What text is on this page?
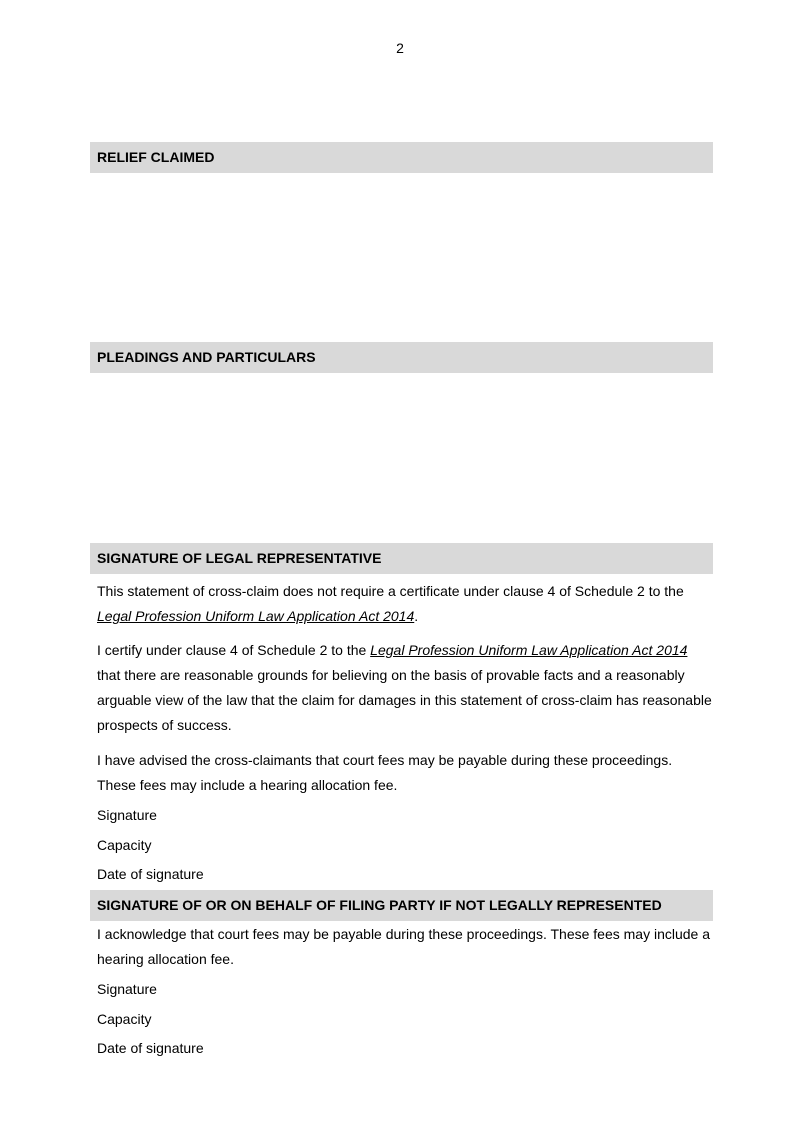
2
RELIEF CLAIMED
PLEADINGS AND PARTICULARS
SIGNATURE OF LEGAL REPRESENTATIVE
This statement of cross-claim does not require a certificate under clause 4 of Schedule 2 to the Legal Profession Uniform Law Application Act 2014.
I certify under clause 4 of Schedule 2 to the Legal Profession Uniform Law Application Act 2014 that there are reasonable grounds for believing on the basis of provable facts and a reasonably arguable view of the law that the claim for damages in this statement of cross-claim has reasonable prospects of success.
I have advised the cross-claimants that court fees may be payable during these proceedings. These fees may include a hearing allocation fee.
Signature
Capacity
Date of signature
SIGNATURE OF OR ON BEHALF OF FILING PARTY IF NOT LEGALLY REPRESENTED
I acknowledge that court fees may be payable during these proceedings. These fees may include a hearing allocation fee.
Signature
Capacity
Date of signature
